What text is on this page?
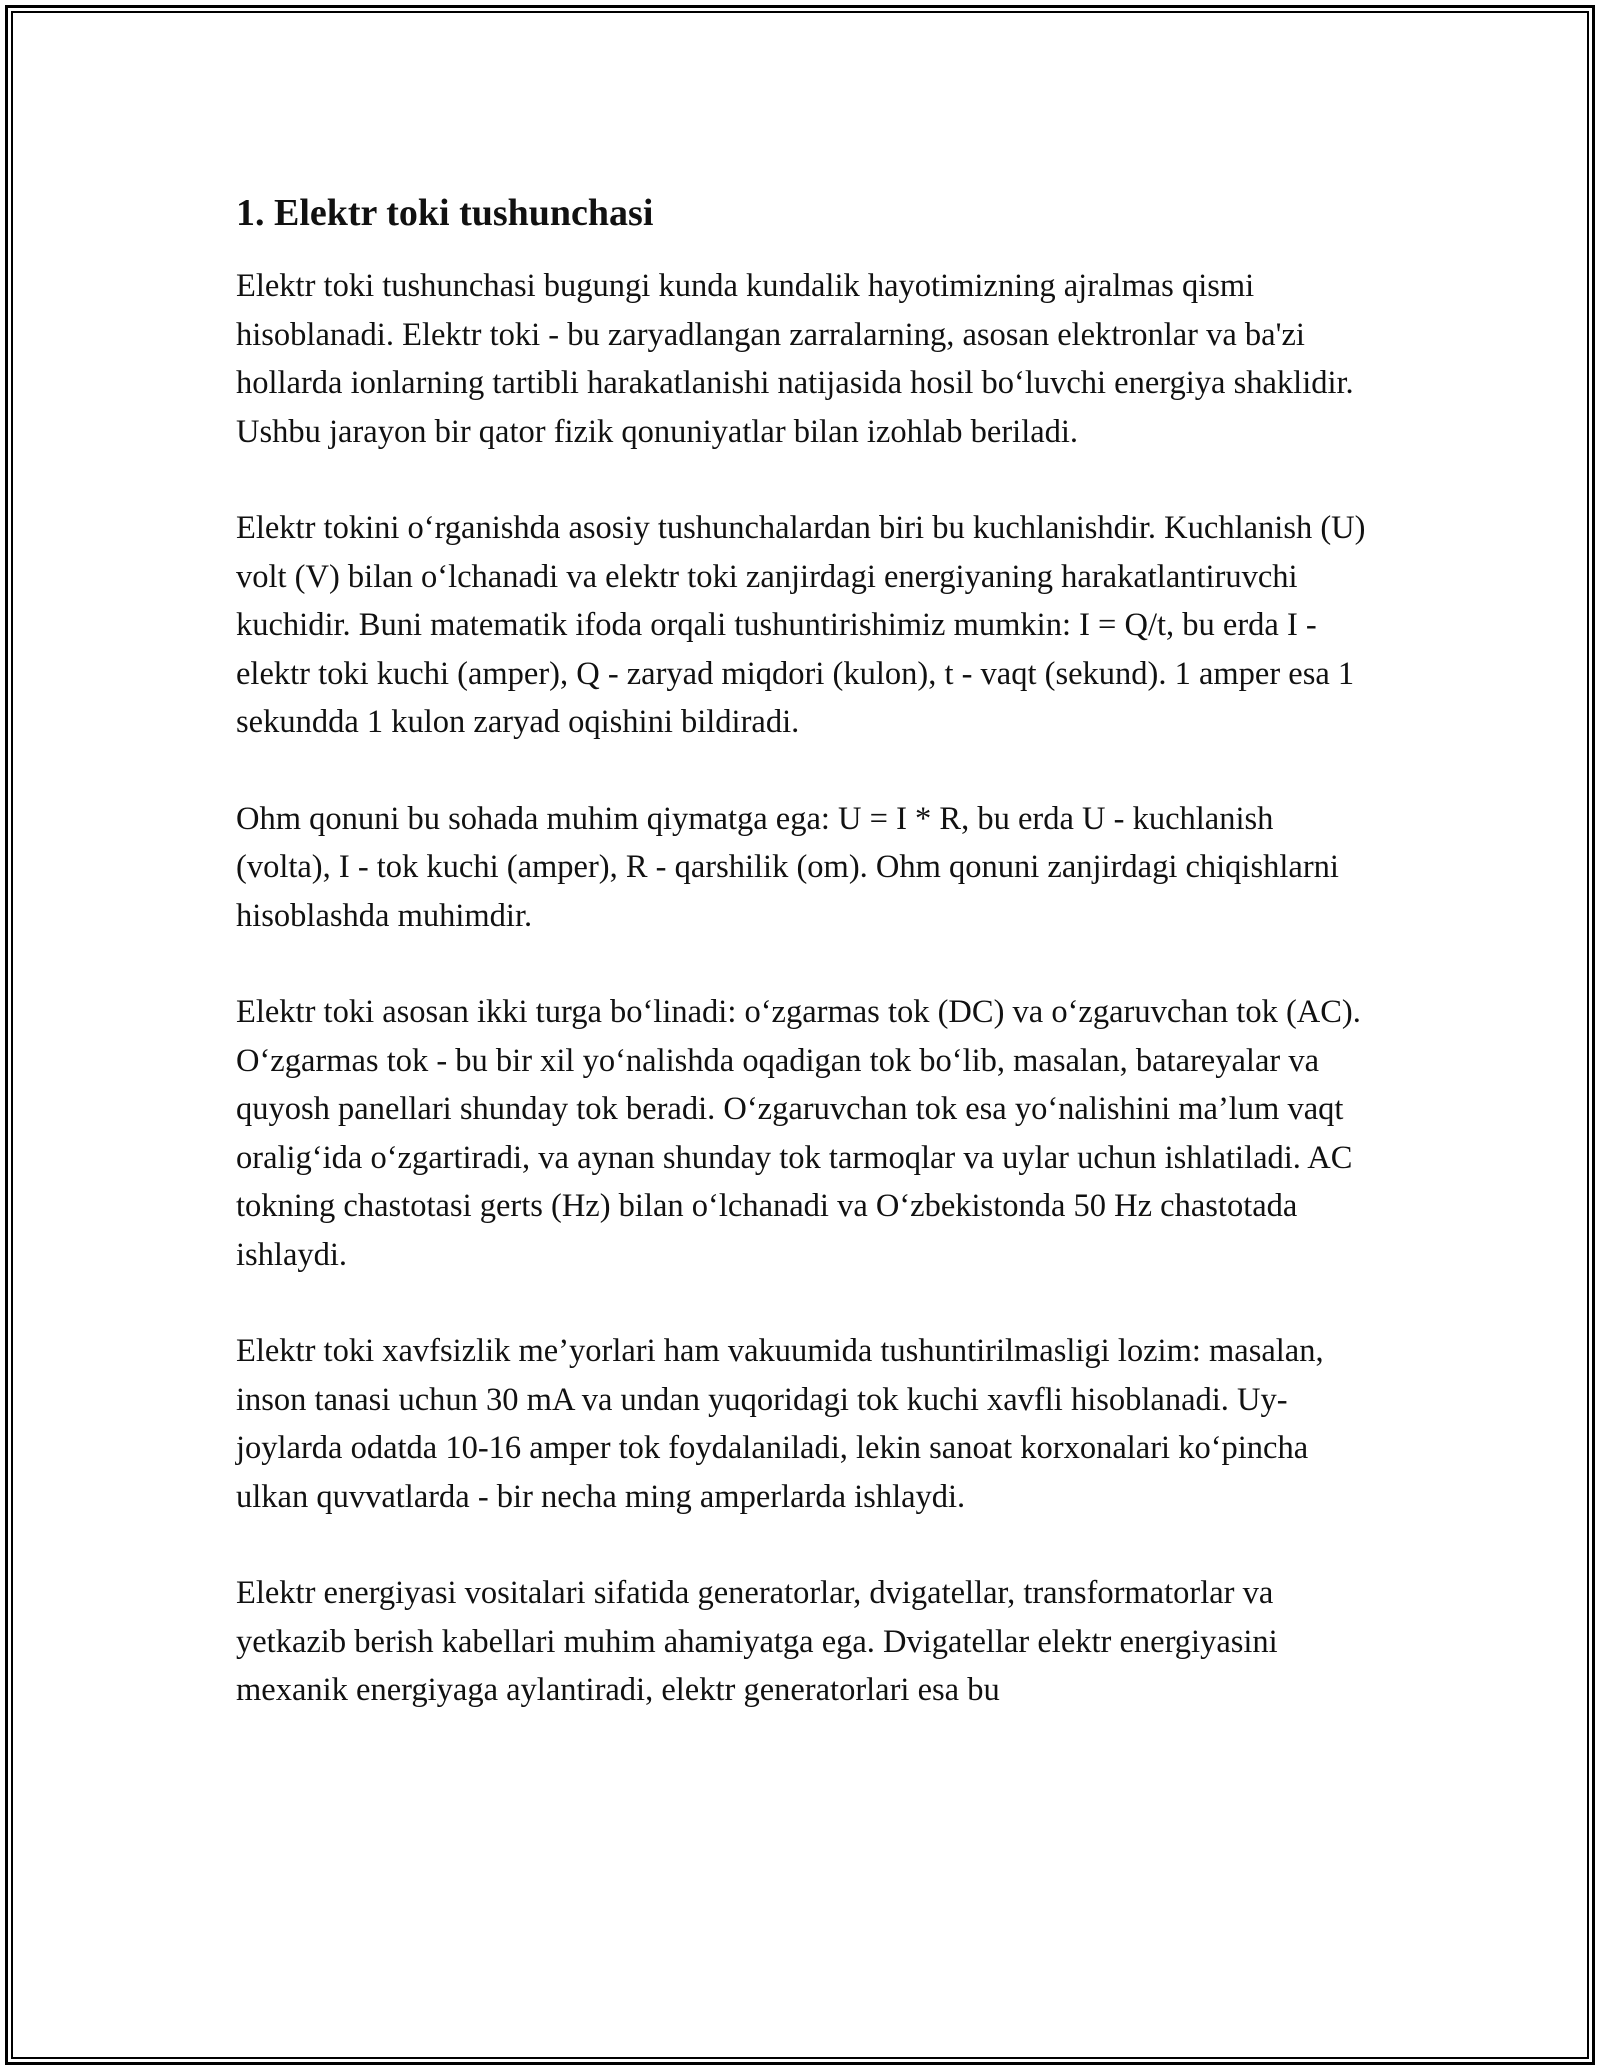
1. Elektr toki tushunchasi

Elektr toki tushunchasi bugungi kunda kundalik hayotimizning ajralmas qismi hisoblanadi. Elektr toki - bu zaryadlangan zarralarning, asosan elektronlar va ba'zi hollarda ionlarning tartibli harakatlanishi natijasida hosil bo‘luvchi energiya shaklidir. Ushbu jarayon bir qator fizik qonuniyatlar bilan izohlab beriladi.

Elektr tokini o‘rganishda asosiy tushunchalardan biri bu kuchlanishdir. Kuchlanish (U) volt (V) bilan o‘lchanadi va elektr toki zanjirdagi energiyaning harakatlantiruvchi kuchidir. Buni matematik ifoda orqali tushuntirishimiz mumkin: I = Q/t, bu erda I - elektr toki kuchi (amper), Q - zaryad miqdori (kulon), t - vaqt (sekund). 1 amper esa 1 sekundda 1 kulon zaryad oqishini bildiradi.

Ohm qonuni bu sohada muhim qiymatga ega: U = I * R, bu erda U - kuchlanish (volta), I - tok kuchi (amper), R - qarshilik (om). Ohm qonuni zanjirdagi chiqishlarni hisoblashda muhimdir.

Elektr toki asosan ikki turga bo‘linadi: o‘zgarmas tok (DC) va o‘zgaruvchan tok (AC). O‘zgarmas tok - bu bir xil yo‘nalishda oqadigan tok bo‘lib, masalan, batareyalar va quyosh panellari shunday tok beradi. O‘zgaruvchan tok esa yo‘nalishini ma’lum vaqt oralig‘ida o‘zgartiradi, va aynan shunday tok tarmoqlar va uylar uchun ishlatiladi. AC tokning chastotasi gerts (Hz) bilan o‘lchanadi va O‘zbekistonda 50 Hz chastotada ishlaydi.

Elektr toki xavfsizlik me’yorlari ham vakuumida tushuntirilmasligi lozim: masalan, inson tanasi uchun 30 mA va undan yuqoridagi tok kuchi xavfli hisoblanadi. Uy-joylarda odatda 10-16 amper tok foydalaniladi, lekin sanoat korxonalari ko‘pincha ulkan quvvatlarda - bir necha ming amperlarda ishlaydi.

Elektr energiyasi vositalari sifatida generatorlar, dvigatellar, transformatorlar va yetkazib berish kabellari muhim ahamiyatga ega. Dvigatellar elektr energiyasini mexanik energiyaga aylantiradi, elektr generatorlari esa bu
